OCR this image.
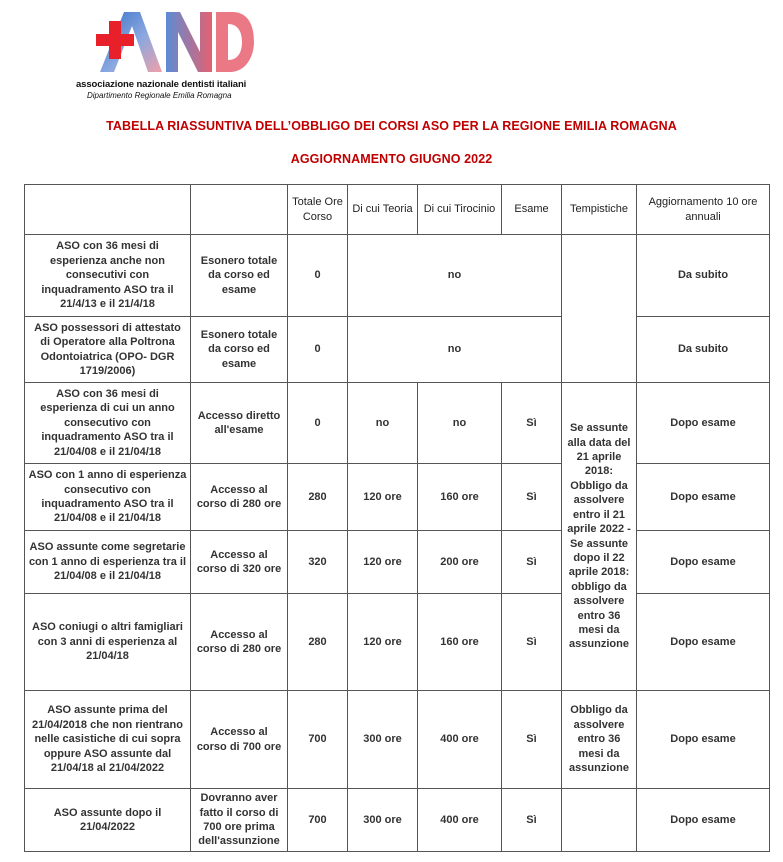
associazione nazionale dentisti italiani
Dipartimento Regionale Emilia Romagna
TABELLA RIASSUNTIVA DELL’OBBLIGO DEI CORSI ASO PER LA REGIONE EMILIA ROMAGNA
AGGIORNAMENTO GIUGNO 2022
		Totale Ore Corso	Di cui Teoria	Di cui Tirocinio	Esame	Tempistiche	Aggiornamento 10 ore annuali
ASO con 36 mesi di esperienza anche non consecutivi con inquadramento ASO tra il 21/4/13 e il 21/4/18	Esonero totale da corso ed esame	0	no				Da subito
ASO possessori di attestato di Operatore alla Poltrona Odontoiatrica (OPO- DGR 1719/2006)	Esonero totale da corso ed esame	0	no				Da subito
ASO con 36 mesi di esperienza di cui un anno consecutivo con inquadramento ASO tra il 21/04/08 e il 21/04/18	Accesso diretto all'esame	0	no	no	Sì	Se assunte alla data del 21 aprile 2018: Obbligo da assolvere entro il 21 aprile 2022 - Se assunte dopo il 22 aprile 2018: obbligo da assolvere entro 36 mesi da assunzione	Dopo esame
ASO con 1 anno di esperienza consecutivo con inquadramento ASO tra il 21/04/08 e il 21/04/18	Accesso al corso di 280 ore	280	120 ore	160 ore	Sì		Dopo esame
ASO assunte come segretarie con 1 anno di esperienza tra il 21/04/08 e il 21/04/18	Accesso al corso di 320 ore	320	120 ore	200 ore	Sì		Dopo esame
ASO coniugi o altri famigliari con 3 anni di esperienza al 21/04/18	Accesso al corso di 280 ore	280	120 ore	160 ore	Sì		Dopo esame
ASO assunte prima del 21/04/2018 che non rientrano nelle casistiche di cui sopra oppure ASO assunte dal 21/04/18 al 21/04/2022	Accesso al corso di 700 ore	700	300 ore	400 ore	Sì	Obbligo da assolvere entro 36 mesi da assunzione	Dopo esame
ASO assunte dopo il 21/04/2022	Dovranno aver fatto il corso di 700 ore prima dell'assunzione	700	300 ore	400 ore	Sì		Dopo esame
